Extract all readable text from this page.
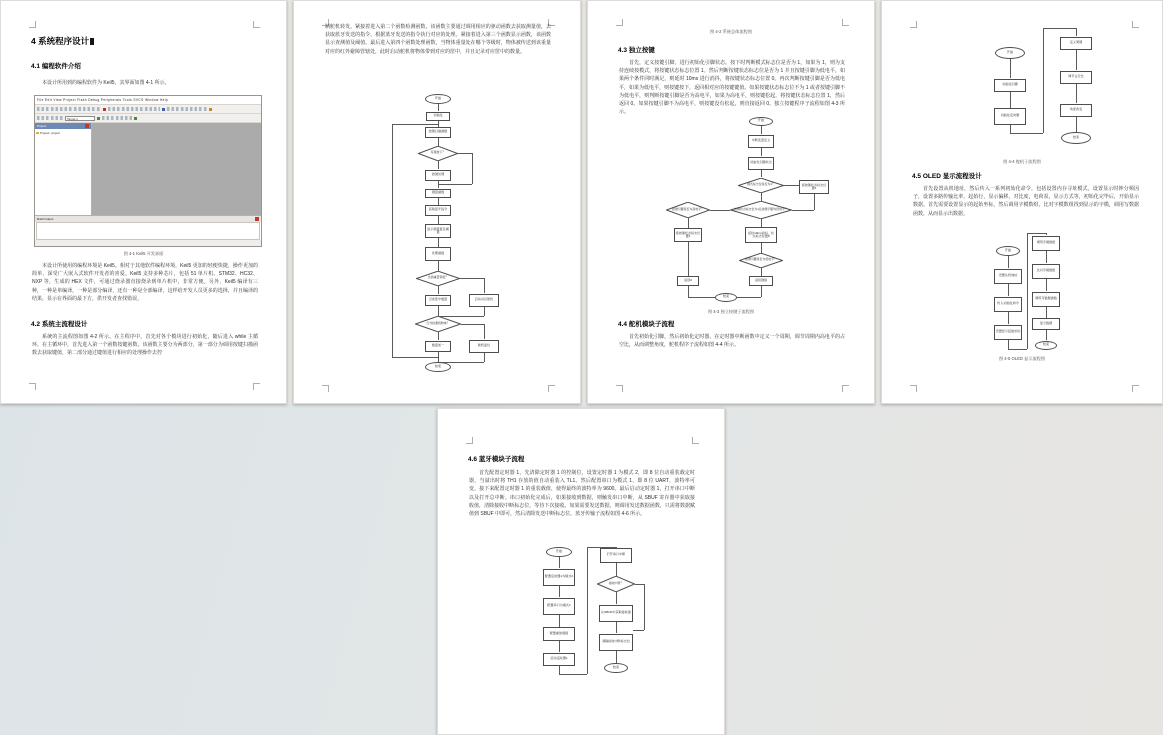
4 系统程序设计
4.1 编程软件介绍
本设计所用到的编程软件为 Keil5，其界面如图 4-1 所示。
File Edit View Project Flash Debug Peripherals Tools SVCS Window Help
Target 1
Project
Project: project
Build Output
图 4-1 Keil5 开发界面
本设计所使用的编程环境是 Keil5。相对于其他软件编程环境，Keil5 更加的轻便快捷，操作更加的简单，深受广大嵌入式软件开发者的喜爱。Keil5 支持多种芯片，包括 51 单片机、STM32、HC32、NXP 等，生成的 HEX 文件，可通过烧录器直接烧录到单片机中，非常方便。另外，Keil5 编译有三种，一种是单编译，一种是部分编译，还有一种是全部编译，这样给开发人员更多的选择，并且编译的结果，显示在界面的最下方，供开发者查找错误。
4.2 系统主流程设计
系统的主流程图如图 4-2 所示。在主程序中，首先对各个模块进行初始化，随后进入 while 主循环。在主循环中，首先进入第一个函数按键函数，该函数主要分为两部分，第一部分为调用按键扫描函数去获取键值，第二部分通过键值进行相应的处理操作去控
制舵机转发。紧接着进入第二个函数检测函数，该函数主要通过调用相应的驱动函数去获取测量值，去获取蓝牙发送的指令，根据蓝牙发送的指令执行对应的处理。紧接着进入第三个函数显示函数，该函数显示查测值及阈值。最后进入第四个函数处理函数，当物体重量处在哪个等级时，物体被传送到该重量对应的红外避障管辖处，此时启动舵机将物体带到对应的筐中，并且记录对应筐中的数量。
开始
初始化
按键扫描函数
有键按下？
按键处理
测量函数
获取蓝牙指令
显示测量值及阈值
处理函数
达到重量等级？
启动对应舵机
记录筐中数量
红外检测到物体？
舵机复位
数量加一
结束
图 4-2 系统总体流程图
4.3 独立按键
首先，定义按键引脚，进行初始化引脚状态。按下时判断模式标志位是否为 1，如果为 1，则为支持连续按模式，将按键状态标志位置 1。然后判断按键状态标志位是否为 1 并且按键引脚为低电平，如果两个条件同时满足，则延时 10ms 进行消抖，将按键状态标志位置 0。再次判断按键引脚是否为低电平，如果为低电平，则按键按下，返回相对应的按键键值。如果按键状态标志位不为 1 或者按键引脚不为低电平，则判断按键引脚是否为高电平，如果为高电平，则按键松起，将按键状态标志位置 1，然后返回 0。如果按键引脚不为高电平，则按键没有松起，则直接返回 0。独立按键程序子流程如图 4-3 所示。
开始
中断变量定义
初始化引脚状态
模式标志位是否为1？	将按键状态标志位置1
按键状态标志位为1且按键引脚为低电平？
按键引脚是否为高电平？
将按键状态标志位置1
延时10ms消抖，状态标志位置0
按键引脚是否为低电平？
返回0	返回键值
结束
图 4-3 独立按键子流程图
4.4 舵机模块子流程
首先初始化引脚，然后初始化定时器，在定时器中断函数中定义一个周期，调节周期内高电平的占空比，从而调整角度，舵机程序子流程如图 4-4 所示。
开始
初始化引脚
初始化定时器
定义周期
调节占空比
角度改变
结束
图 4-4 舵机子流程图
4.5 OLED 显示流程设计
首先设置从机地址，然后传入一系列初始化命令，包括设置内存寻址模式，设置显示时钟分频因子，设置多路传输比率，起始行，显示偏移，对比度，电荷泵，显示方式等，初始化完毕后，开始显示数据。首先需要设置显示的起始坐标，然后调用字模数组，比对字模数组找到显示的字模，调用写数据函数，从而显示出数据。
开始
设置从机地址
传入初始化命令
设置显示起始坐标
调用字模数组
比对字模数组
调用写数据函数
显示数据
结束
图 4-5 OLED 显示流程图
4.6 蓝牙模块子流程
首先配置定时器 1，先清除定时器 1 的控制位，设置定时器 1 为模式 2，即 8 位自动重装载定时器，当溢出时将 TH1 存放的值自动重装入 TL1。然后配置串口为模式 1，即 8 位 UART，波特率可变。接下来配置定时器 1 的重装载值，使得最终的波特率为 9600。最后启动定时器 1，打开串口中断以及打开总中断。串口初始化完成后，如果接收到数据，则触发串口中断，从 SBUF 寄存器中获取接收值，清除接收中断标志位，等待下次接收。如果需要发送数据，则调用发送数据函数，只需将数据赋值到 SBUF 中即可，然后清除发送中断标志位。蓝牙传输子流程如图 4-6 所示。
开始
配置定时器1为模式2
配置串口为模式1
配置重装载值
启动定时器1
打开串口中断
接收中断？
从SBUF中获取接收值
清除接收中断标志位
结束
